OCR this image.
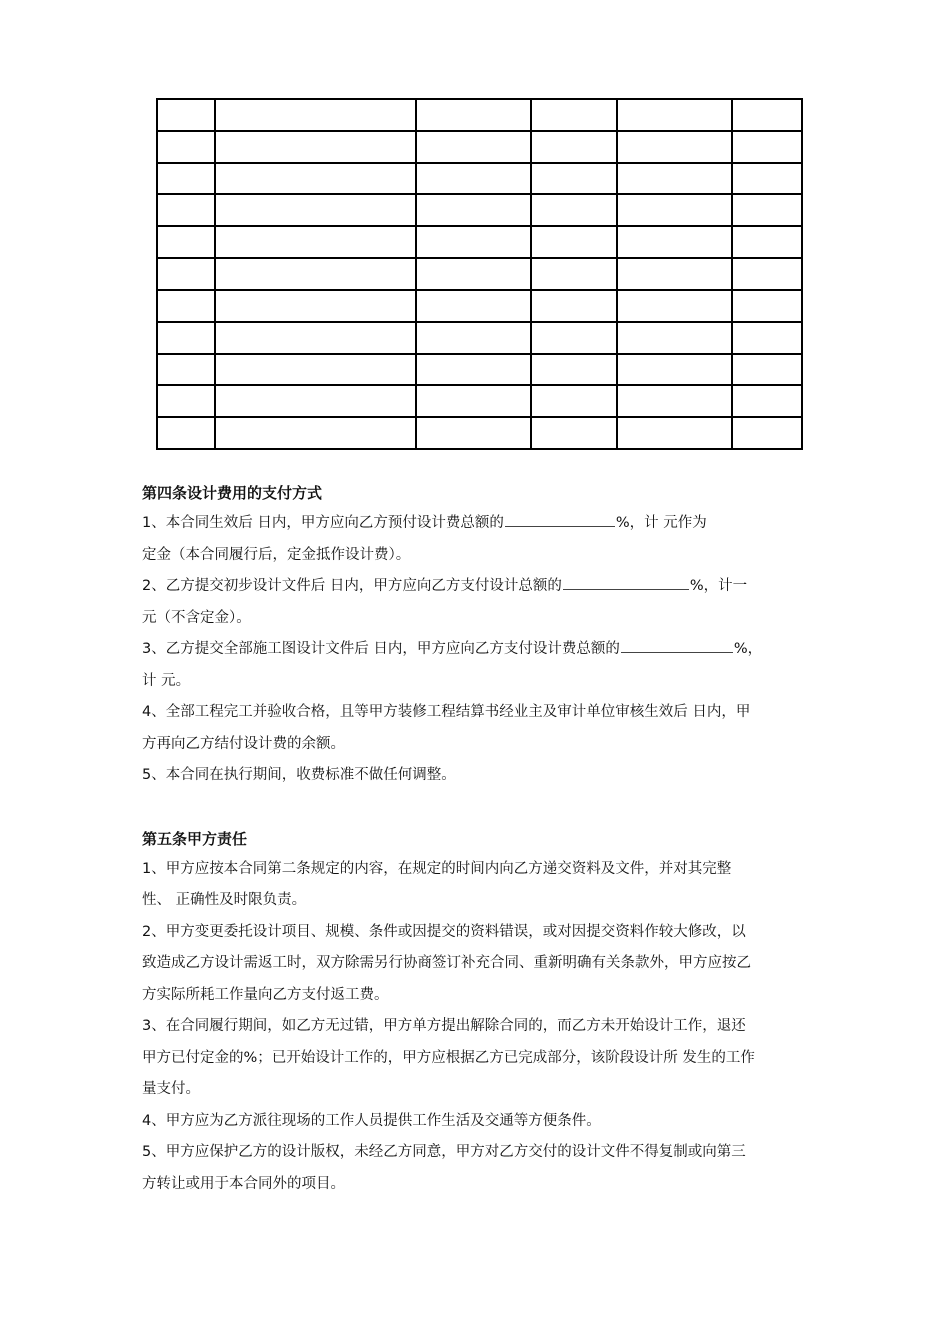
第四条设计费用的支付方式
1、本合同生效后 日内，甲方应向乙方预付设计费总额的	%，计 元作为
定金（本合同履行后，定金抵作设计费）。
2、乙方提交初步设计文件后 日内，甲方应向乙方支付设计总额的	%，计一
元（不含定金）。
3、乙方提交全部施工图设计文件后 日内，甲方应向乙方支付设计费总额的	%，
计 元。
4、全部工程完工并验收合格，且等甲方装修工程结算书经业主及审计单位审核生效后 日内，甲
方再向乙方结付设计费的余额。
5、本合同在执行期间，收费标准不做任何调整。
第五条甲方责任
1、甲方应按本合同第二条规定的内容，在规定的时间内向乙方递交资料及文件，并对其完整
性、 正确性及时限负责。
2、甲方变更委托设计项目、规模、条件或因提交的资料错误，或对因提交资料作较大修改，以
致造成乙方设计需返工时，双方除需另行协商签订补充合同、重新明确有关条款外，甲方应按乙
方实际所耗工作量向乙方支付返工费。
3、在合同履行期间，如乙方无过错，甲方单方提出解除合同的，而乙方未开始设计工作，退还
甲方已付定金的%；已开始设计工作的，甲方应根据乙方已完成部分，该阶段设计所 发生的工作
量支付。
4、甲方应为乙方派往现场的工作人员提供工作生活及交通等方便条件。
5、甲方应保护乙方的设计版权，未经乙方同意，甲方对乙方交付的设计文件不得复制或向第三
方转让或用于本合同外的项目。
